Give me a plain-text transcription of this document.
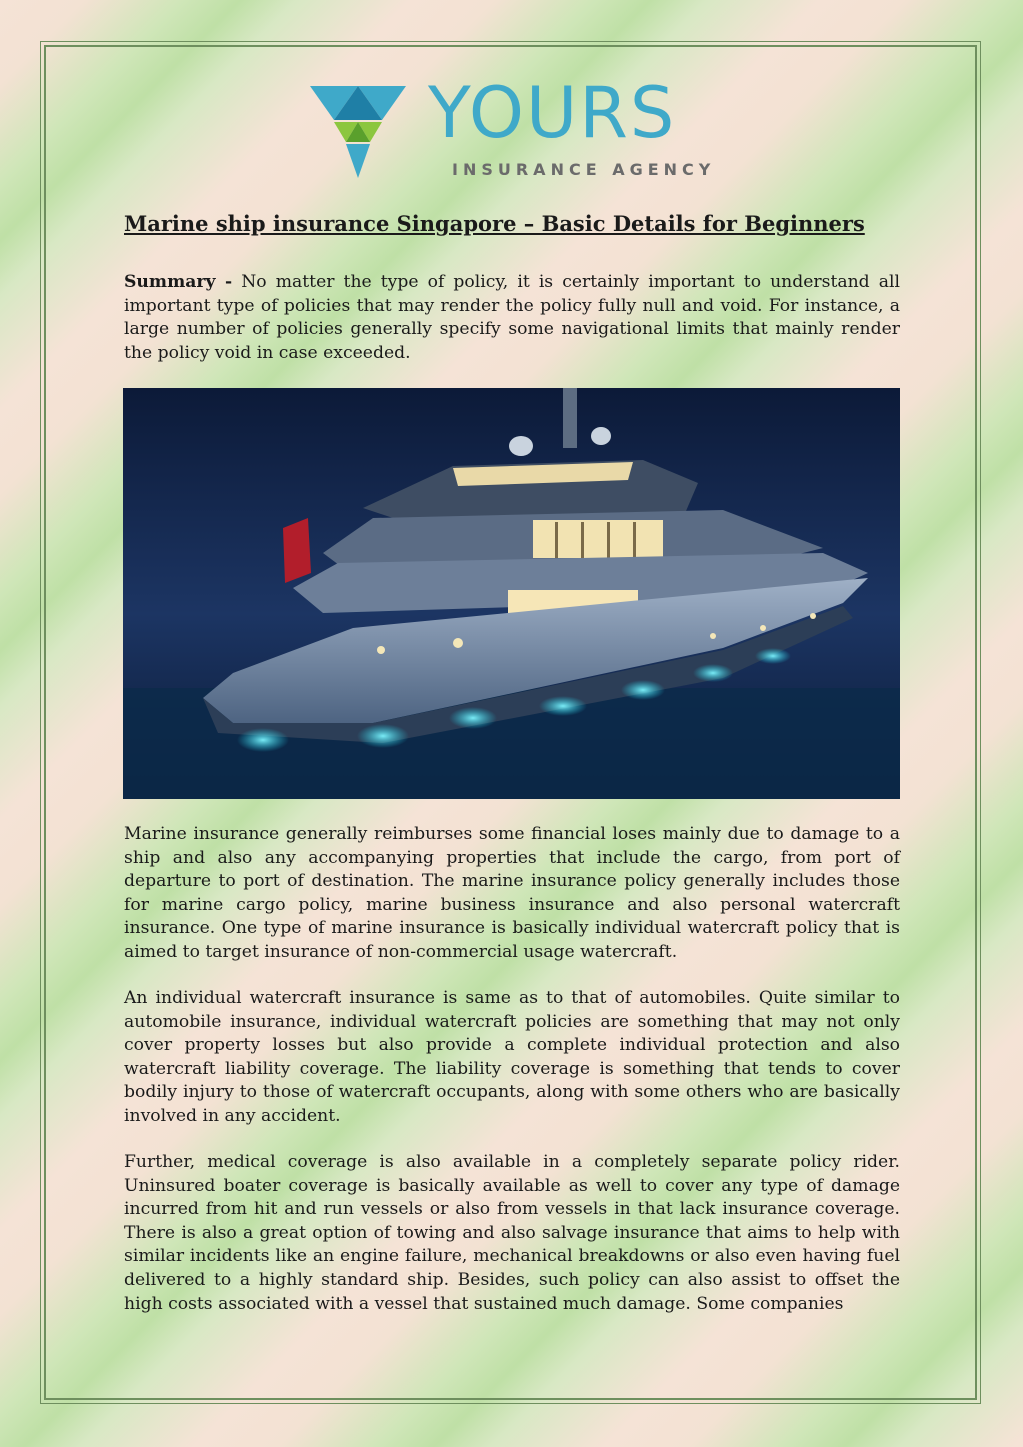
YOURS
INSURANCE AGENCY
Marine ship insurance Singapore – Basic Details for Beginners

Summary - No matter the type of policy, it is certainly important to understand all important type of policies that may render the policy fully null and void. For instance, a large number of policies generally specify some navigational limits that mainly render the policy void in case exceeded.

Marine insurance generally reimburses some financial loses mainly due to damage to a ship and also any accompanying properties that include the cargo, from port of departure to port of destination. The marine insurance policy generally includes those for marine cargo policy, marine business insurance and also personal watercraft insurance. One type of marine insurance is basically individual watercraft policy that is aimed to target insurance of non-commercial usage watercraft.

An individual watercraft insurance is same as to that of automobiles. Quite similar to automobile insurance, individual watercraft policies are something that may not only cover property losses but also provide a complete individual protection and also watercraft liability coverage. The liability coverage is something that tends to cover bodily injury to those of watercraft occupants, along with some others who are basically involved in any accident.

Further, medical coverage is also available in a completely separate policy rider. Uninsured boater coverage is basically available as well to cover any type of damage incurred from hit and run vessels or also from vessels in that lack insurance coverage. There is also a great option of towing and also salvage insurance that aims to help with similar incidents like an engine failure, mechanical breakdowns or also even having fuel delivered to a highly standard ship. Besides, such policy can also assist to offset the high costs associated with a vessel that sustained much damage. Some companies
